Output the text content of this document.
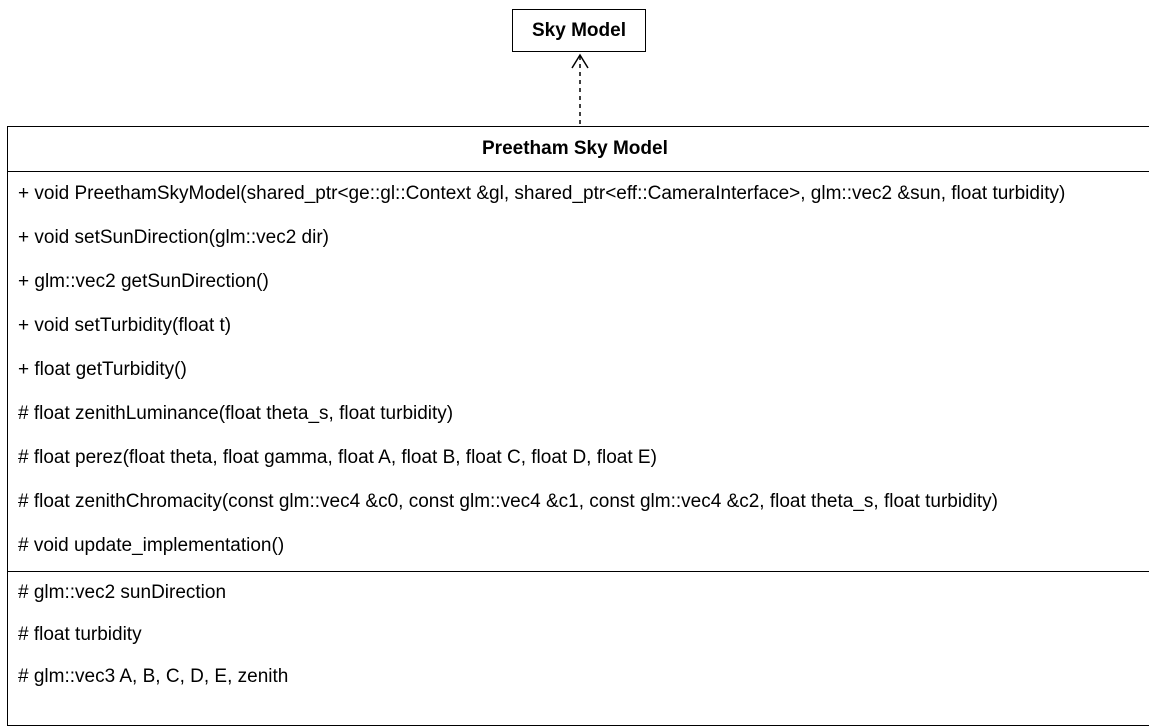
Sky Model
Preetham Sky Model
+ void PreethamSkyModel(shared_ptr<ge::gl::Context &gl, shared_ptr<eff::CameraInterface>, glm::vec2 &sun, float turbidity)
+ void setSunDirection(glm::vec2 dir)
+ glm::vec2 getSunDirection()
+ void setTurbidity(float t)
+ float getTurbidity()
# float zenithLuminance(float theta_s, float turbidity)
# float perez(float theta, float gamma, float A, float B, float C, float D, float E)
# float zenithChromacity(const glm::vec4 &c0, const glm::vec4 &c1, const glm::vec4 &c2, float theta_s, float turbidity)
# void update_implementation()
# glm::vec2 sunDirection
# float turbidity
# glm::vec3 A, B, C, D, E, zenith
